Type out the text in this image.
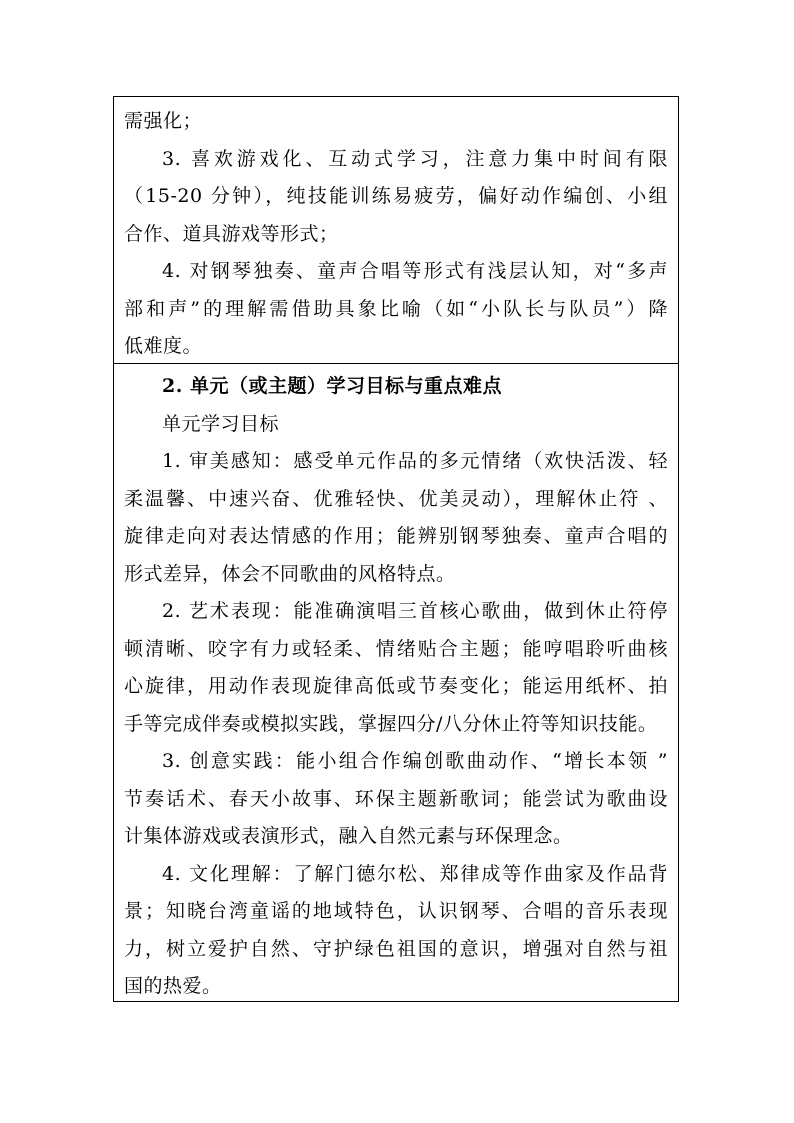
需强化；
3. 喜欢游戏化、互动式学习，注意力集中时间有限
（15-20 分钟），纯技能训练易疲劳，偏好动作编创、小组
合作、道具游戏等形式；
4. 对钢琴独奏、童声合唱等形式有浅层认知，对“多声
部和声”的理解需借助具象比喻（如“小队长与队员”）降
低难度。
2. 单元（或主题）学习目标与重点难点
单元学习目标
1. 审美感知：感受单元作品的多元情绪（欢快活泼、轻
柔温馨、中速兴奋、优雅轻快、优美灵动），理解休止符 、
旋律走向对表达情感的作用；能辨别钢琴独奏、童声合唱的
形式差异，体会不同歌曲的风格特点。
2. 艺术表现：能准确演唱三首核心歌曲，做到休止符停
顿清晰、咬字有力或轻柔、情绪贴合主题；能哼唱聆听曲核
心旋律，用动作表现旋律高低或节奏变化；能运用纸杯、拍
手等完成伴奏或模拟实践，掌握四分/八分休止符等知识技能。
3. 创意实践：能小组合作编创歌曲动作、“增长本领 ”
节奏话术、春天小故事、环保主题新歌词；能尝试为歌曲设
计集体游戏或表演形式，融入自然元素与环保理念。
4. 文化理解：了解门德尔松、郑律成等作曲家及作品背
景；知晓台湾童谣的地域特色，认识钢琴、合唱的音乐表现
力，树立爱护自然、守护绿色祖国的意识，增强对自然与祖
国的热爱。
